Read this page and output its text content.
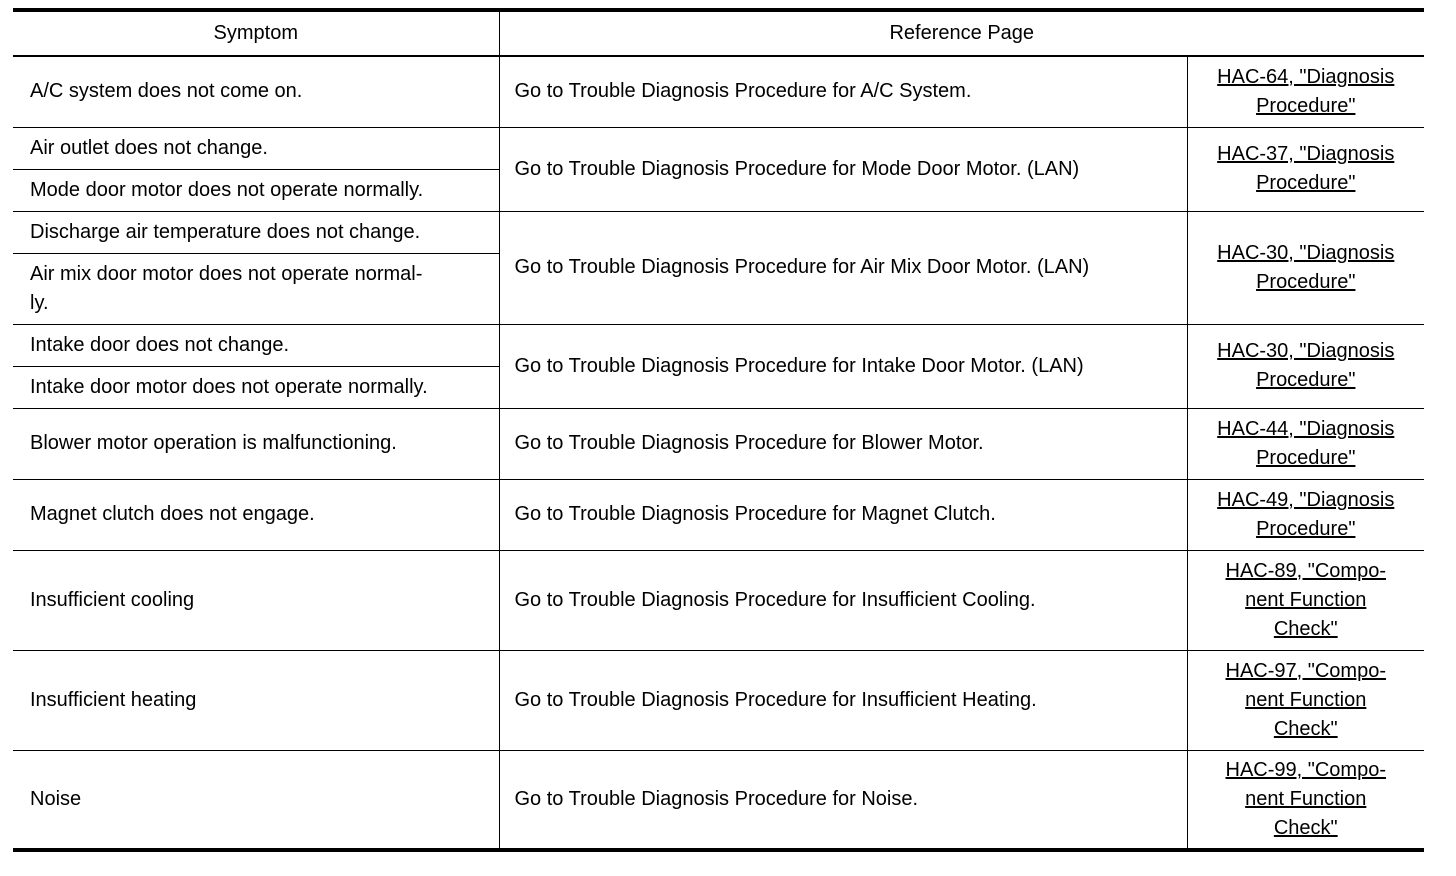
Symptom	Reference Page	
A/C system does not come on.	Go to Trouble Diagnosis Procedure for A/C System.	HAC-64, "Diagnosis
Procedure"
Air outlet does not change.	Go to Trouble Diagnosis Procedure for Mode Door Motor. (LAN)	HAC-37, "Diagnosis
Procedure"
Mode door motor does not operate normally.		
Discharge air temperature does not change.	Go to Trouble Diagnosis Procedure for Air Mix Door Motor. (LAN)	HAC-30, "Diagnosis
Procedure"
Air mix door motor does not operate normal-
ly.		
Intake door does not change.	Go to Trouble Diagnosis Procedure for Intake Door Motor. (LAN)	HAC-30, "Diagnosis
Procedure"
Intake door motor does not operate normally.		
Blower motor operation is malfunctioning.	Go to Trouble Diagnosis Procedure for Blower Motor.	HAC-44, "Diagnosis
Procedure"
Magnet clutch does not engage.	Go to Trouble Diagnosis Procedure for Magnet Clutch.	HAC-49, "Diagnosis
Procedure"
Insufficient cooling	Go to Trouble Diagnosis Procedure for Insufficient Cooling.	HAC-89, "Compo-
nent Function
Check"
Insufficient heating	Go to Trouble Diagnosis Procedure for Insufficient Heating.	HAC-97, "Compo-
nent Function
Check"
Noise	Go to Trouble Diagnosis Procedure for Noise.	HAC-99, "Compo-
nent Function
Check"
